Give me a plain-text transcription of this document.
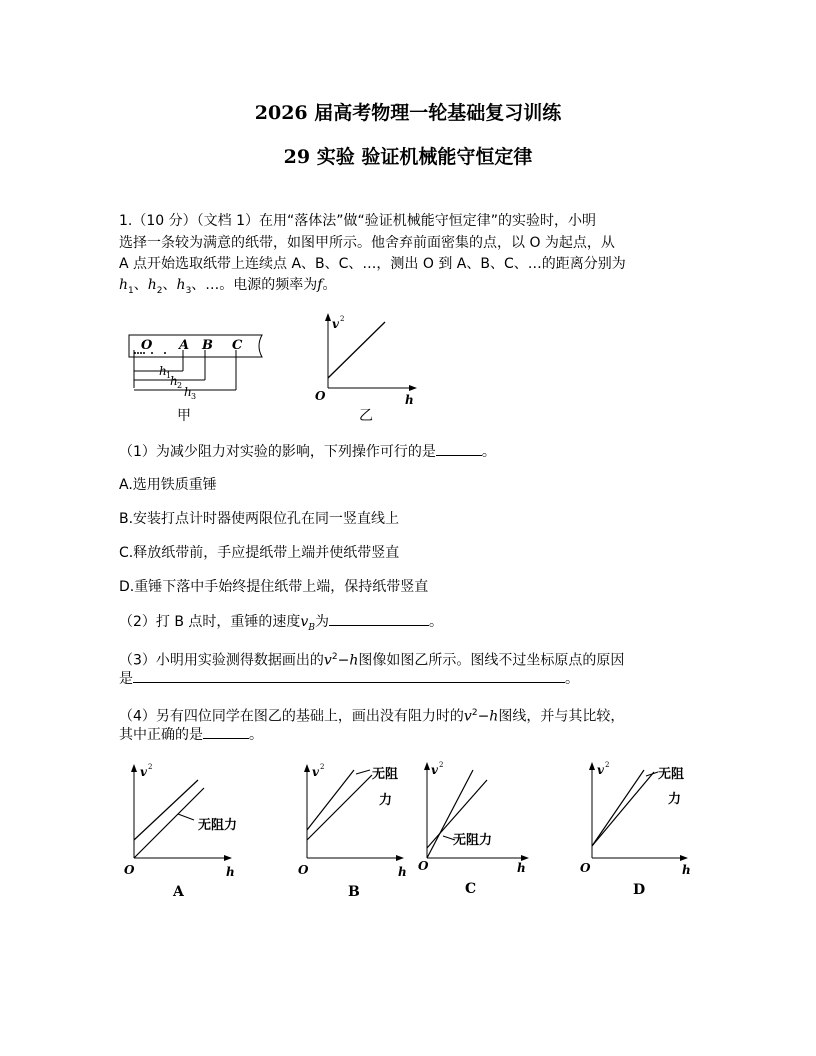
2026 届高考物理一轮基础复习训练
29 实验 验证机械能守恒定律
1.（10 分）（文档 1）在用“落体法”做“验证机械能守恒定律”的实验时，小明
选择一条较为满意的纸带，如图甲所示。他舍弃前面密集的点，以 O 为起点，从
A 点开始选取纸带上连续点 A、B、C、…，测出 O 到 A、B、C、…的距离分别为
$h_1$、$h_2$、$h_3$、…。电源的频率为f。
O A B C
h 1
h 2 h 3
甲
v 2
h
O
乙
（1）为减少阻力对实验的影响，下列操作可行的是	。
A.选用铁质重锤
B.安装打点计时器使两限位孔在同一竖直线上
C.释放纸带前，手应提纸带上端并使纸带竖直
D.重锤下落中手始终提住纸带上端，保持纸带竖直
（2）打 B 点时，重锤的速度$v_B$为	。
（3）小明用实验测得数据画出的$v^2-h$图像如图乙所示。图线不过坐标原点的原因
是	。
（4）另有四位同学在图乙的基础上，画出没有阻力时的$v^2-h$图线，并与其比较，
其中正确的是	。
v 2
h
O
无阻力
A
v 2
h
O
无阻
力
B
v 2
h
O
无阻力
C
v 2
h
O
无阻
力
D
